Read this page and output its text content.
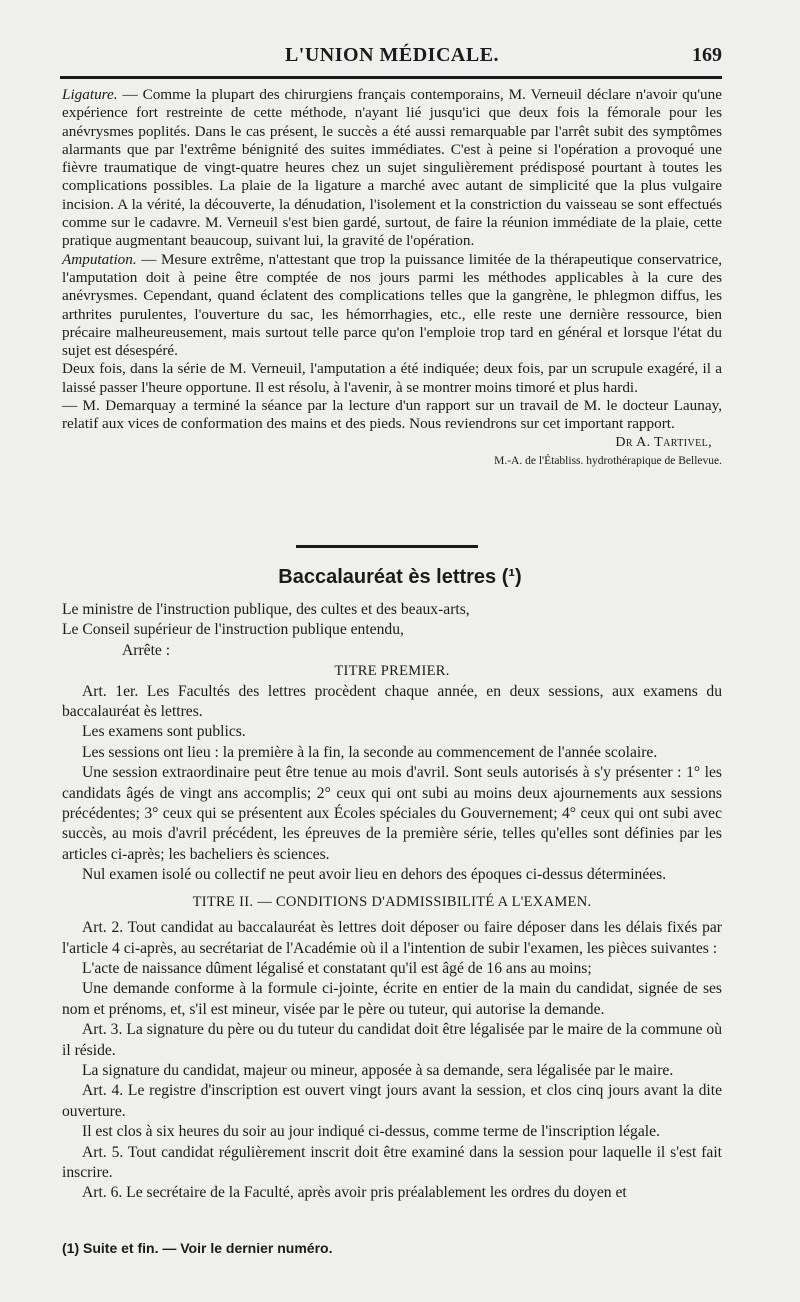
L'UNION MÉDICALE.	169

Ligature. — Comme la plupart des chirurgiens français contemporains, M. Verneuil déclare n'avoir qu'une expérience fort restreinte de cette méthode, n'ayant lié jusqu'ici que deux fois la fémorale pour les anévrysmes poplités. Dans le cas présent, le succès a été aussi remarquable par l'arrêt subit des symptômes alarmants que par l'extrême bénignité des suites immédiates. C'est à peine si l'opération a provoqué une fièvre traumatique de vingt-quatre heures chez un sujet singulièrement prédisposé pourtant à toutes les complications possibles. La plaie de la ligature a marché avec autant de simplicité que la plus vulgaire incision. A la vérité, la découverte, la dénudation, l'isolement et la constriction du vaisseau se sont effectués comme sur le cadavre. M. Verneuil s'est bien gardé, surtout, de faire la réunion immédiate de la plaie, cette pratique augmentant beaucoup, suivant lui, la gravité de l'opération.

Amputation. — Mesure extrême, n'attestant que trop la puissance limitée de la thérapeutique conservatrice, l'amputation doit à peine être comptée de nos jours parmi les méthodes applicables à la cure des anévrysmes. Cependant, quand éclatent des complications telles que la gangrène, le phlegmon diffus, les arthrites purulentes, l'ouverture du sac, les hémorrhagies, etc., elle reste une dernière ressource, bien précaire malheureusement, mais surtout telle parce qu'on l'emploie trop tard en général et lorsque l'état du sujet est désespéré.

Deux fois, dans la série de M. Verneuil, l'amputation a été indiquée; deux fois, par un scrupule exagéré, il a laissé passer l'heure opportune. Il est résolu, à l'avenir, à se montrer moins timoré et plus hardi.

— M. Demarquay a terminé la séance par la lecture d'un rapport sur un travail de M. le docteur Launay, relatif aux vices de conformation des mains et des pieds. Nous reviendrons sur cet important rapport.

Dr A. Tartivel,

M.-A. de l'Établiss. hydrothérapique de Bellevue.

Baccalauréat ès lettres (¹)

Le ministre de l'instruction publique, des cultes et des beaux-arts,

Le Conseil supérieur de l'instruction publique entendu,

Arrête :

TITRE PREMIER.

Art. 1er. Les Facultés des lettres procèdent chaque année, en deux sessions, aux examens du baccalauréat ès lettres.

Les examens sont publics.

Les sessions ont lieu : la première à la fin, la seconde au commencement de l'année scolaire.

Une session extraordinaire peut être tenue au mois d'avril. Sont seuls autorisés à s'y présenter : 1° les candidats âgés de vingt ans accomplis; 2° ceux qui ont subi au moins deux ajournements aux sessions précédentes; 3° ceux qui se présentent aux Écoles spéciales du Gouvernement; 4° ceux qui ont subi avec succès, au mois d'avril précédent, les épreuves de la première série, telles qu'elles sont définies par les articles ci-après; les bacheliers ès sciences.

Nul examen isolé ou collectif ne peut avoir lieu en dehors des époques ci-dessus déterminées.

TITRE II. — CONDITIONS D'ADMISSIBILITÉ A L'EXAMEN.

Art. 2. Tout candidat au baccalauréat ès lettres doit déposer ou faire déposer dans les délais fixés par l'article 4 ci-après, au secrétariat de l'Académie où il a l'intention de subir l'examen, les pièces suivantes :

L'acte de naissance dûment légalisé et constatant qu'il est âgé de 16 ans au moins;

Une demande conforme à la formule ci-jointe, écrite en entier de la main du candidat, signée de ses nom et prénoms, et, s'il est mineur, visée par le père ou tuteur, qui autorise la demande.

Art. 3. La signature du père ou du tuteur du candidat doit être légalisée par le maire de la commune où il réside.

La signature du candidat, majeur ou mineur, apposée à sa demande, sera légalisée par le maire.

Art. 4. Le registre d'inscription est ouvert vingt jours avant la session, et clos cinq jours avant la dite ouverture.

Il est clos à six heures du soir au jour indiqué ci-dessus, comme terme de l'inscription légale.

Art. 5. Tout candidat régulièrement inscrit doit être examiné dans la session pour laquelle il s'est fait inscrire.

Art. 6. Le secrétaire de la Faculté, après avoir pris préalablement les ordres du doyen et

(1) Suite et fin. — Voir le dernier numéro.
